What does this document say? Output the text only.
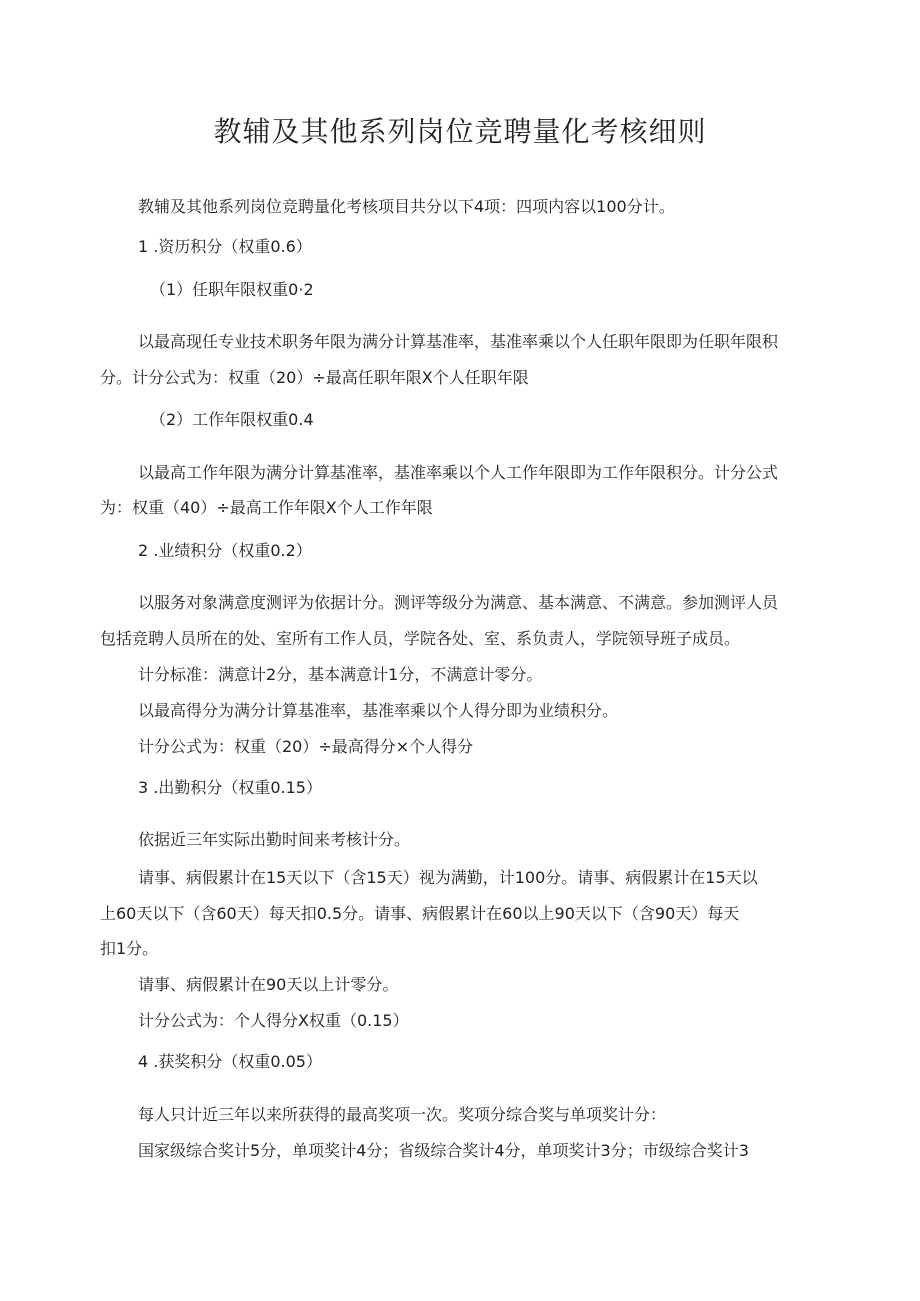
教辅及其他系列岗位竞聘量化考核细则
教辅及其他系列岗位竞聘量化考核项目共分以下4项：四项内容以100分计。
1 .资历积分（权重0.6）
（1）任职年限权重0·2
以最高现任专业技术职务年限为满分计算基准率，基准率乘以个人任职年限即为任职年限积
分。计分公式为：权重（20）÷最高任职年限X个人任职年限
（2）工作年限权重0.4
以最高工作年限为满分计算基准率，基准率乘以个人工作年限即为工作年限积分。计分公式
为：权重（40）÷最高工作年限X个人工作年限
2 .业绩积分（权重0.2）
以服务对象满意度测评为依据计分。测评等级分为满意、基本满意、不满意。参加测评人员
包括竞聘人员所在的处、室所有工作人员，学院各处、室、系负责人，学院领导班子成员。
计分标准：满意计2分，基本满意计1分，不满意计零分。
以最高得分为满分计算基准率，基准率乘以个人得分即为业绩积分。
计分公式为：权重（20）÷最高得分×个人得分
3 .出勤积分（权重0.15）
依据近三年实际出勤时间来考核计分。
请事、病假累计在15天以下（含15天）视为满勤，计100分。请事、病假累计在15天以
上60天以下（含60天）每天扣0.5分。请事、病假累计在60以上90天以下（含90天）每天
扣1分。
请事、病假累计在90天以上计零分。
计分公式为：个人得分X权重（0.15）
4 .获奖积分（权重0.05）
每人只计近三年以来所获得的最高奖项一次。奖项分综合奖与单项奖计分：
国家级综合奖计5分，单项奖计4分；省级综合奖计4分，单项奖计3分；市级综合奖计3
